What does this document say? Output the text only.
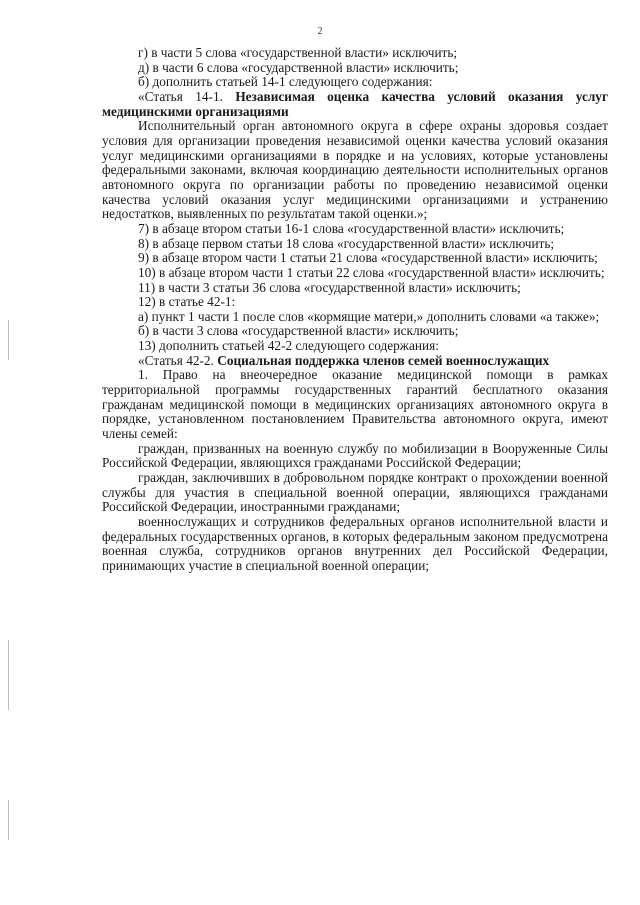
2

г) в части 5 слова «государственной власти» исключить;

д) в части 6 слова «государственной власти» исключить;

б) дополнить статьей 14-1 следующего содержания:

«Статья 14-1. Независимая оценка качества условий оказания услуг медицинскими организациями

Исполнительный орган автономного округа в сфере охраны здоровья создает условия для организации проведения независимой оценки качества условий оказания услуг медицинскими организациями в порядке и на условиях, которые установлены федеральными законами, включая координацию деятельности исполнительных органов автономного округа по организации работы по проведению независимой оценки качества условий оказания услуг медицинскими организациями и устранению недостатков, выявленных по результатам такой оценки.»;

7) в абзаце втором статьи 16-1 слова «государственной власти» исключить;

8) в абзаце первом статьи 18 слова «государственной власти» исключить;

9) в абзаце втором части 1 статьи 21 слова «государственной власти» исключить;

10) в абзаце втором части 1 статьи 22 слова «государственной власти» исключить;

11) в части 3 статьи 36 слова «государственной власти» исключить;

12) в статье 42-1:

а) пункт 1 части 1 после слов «кормящие матери,» дополнить словами «а также»;

б) в части 3 слова «государственной власти» исключить;

13) дополнить статьей 42-2 следующего содержания:

«Статья 42-2. Социальная поддержка членов семей военнослужащих

1. Право на внеочередное оказание медицинской помощи в рамках территориальной программы государственных гарантий бесплатного оказания гражданам медицинской помощи в медицинских организациях автономного округа в порядке, установленном постановлением Правительства автономного округа, имеют члены семей:

граждан, призванных на военную службу по мобилизации в Вооруженные Силы Российской Федерации, являющихся гражданами Российской Федерации;

граждан, заключивших в добровольном порядке контракт о прохождении военной службы для участия в специальной военной операции, являющихся гражданами Российской Федерации, иностранными гражданами;

военнослужащих и сотрудников федеральных органов исполнительной власти и федеральных государственных органов, в которых федеральным законом предусмотрена военная служба, сотрудников органов внутренних дел Российской Федерации, принимающих участие в специальной военной операции;
